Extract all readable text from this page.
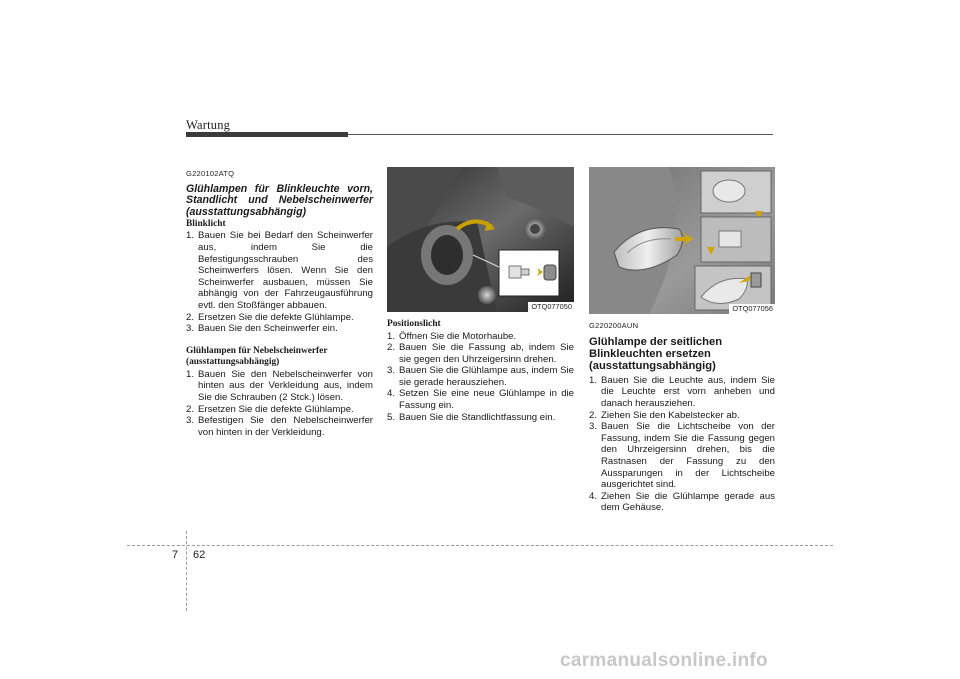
Wartung
G220102ATQ
Glühlampen für Blinkleuchte vorn, Standlicht und Nebelscheinwerfer (ausstattungsabhängig)
Blinklicht
1. Bauen Sie bei Bedarf den Scheinwerfer aus, indem Sie die Befestigungsschrauben des Scheinwerfers lösen. Wenn Sie den Scheinwerfer ausbauen, müssen Sie abhängig von der Fahrzeugausführung evtl. den Stoßfänger abbauen.
2. Ersetzen Sie die defekte Glühlampe.
3. Bauen Sie den Scheinwerfer ein.
Glühlampen für Nebelscheinwerfer
(ausstattungsabhängig)
1. Bauen Sie den Nebelscheinwerfer von hinten aus der Verkleidung aus, indem Sie die Schrauben (2 Stck.) lösen.
2. Ersetzen Sie die defekte Glühlampe.
3. Befestigen Sie den Nebelscheinwerfer von hinten in der Verkleidung.
OTQ077050
Positionslicht
1. Öffnen Sie die Motorhaube.
2. Bauen Sie die Fassung ab, indem Sie sie gegen den Uhrzeigersinn drehen.
3. Bauen Sie die Glühlampe aus, indem Sie sie gerade herausziehen.
4. Setzen Sie eine neue Glühlampe in die Fassung ein.
5. Bauen Sie die Standlichtfassung ein.
OTQ077056
G220200AUN
Glühlampe der seitlichen Blinkleuchten ersetzen (ausstattungsabhängig)
1. Bauen Sie die Leuchte aus, indem Sie die Leuchte erst vorn anheben und danach herausziehen.
2. Ziehen Sie den Kabelstecker ab.
3. Bauen Sie die Lichtscheibe von der Fassung, indem Sie die Fassung gegen den Uhrzeigersinn drehen, bis die Rastnasen der Fassung zu den Aussparungen in der Lichtscheibe ausgerichtet sind.
4. Ziehen Sie die Glühlampe gerade aus dem Gehäuse.
7 62
carmanualsonline.info
